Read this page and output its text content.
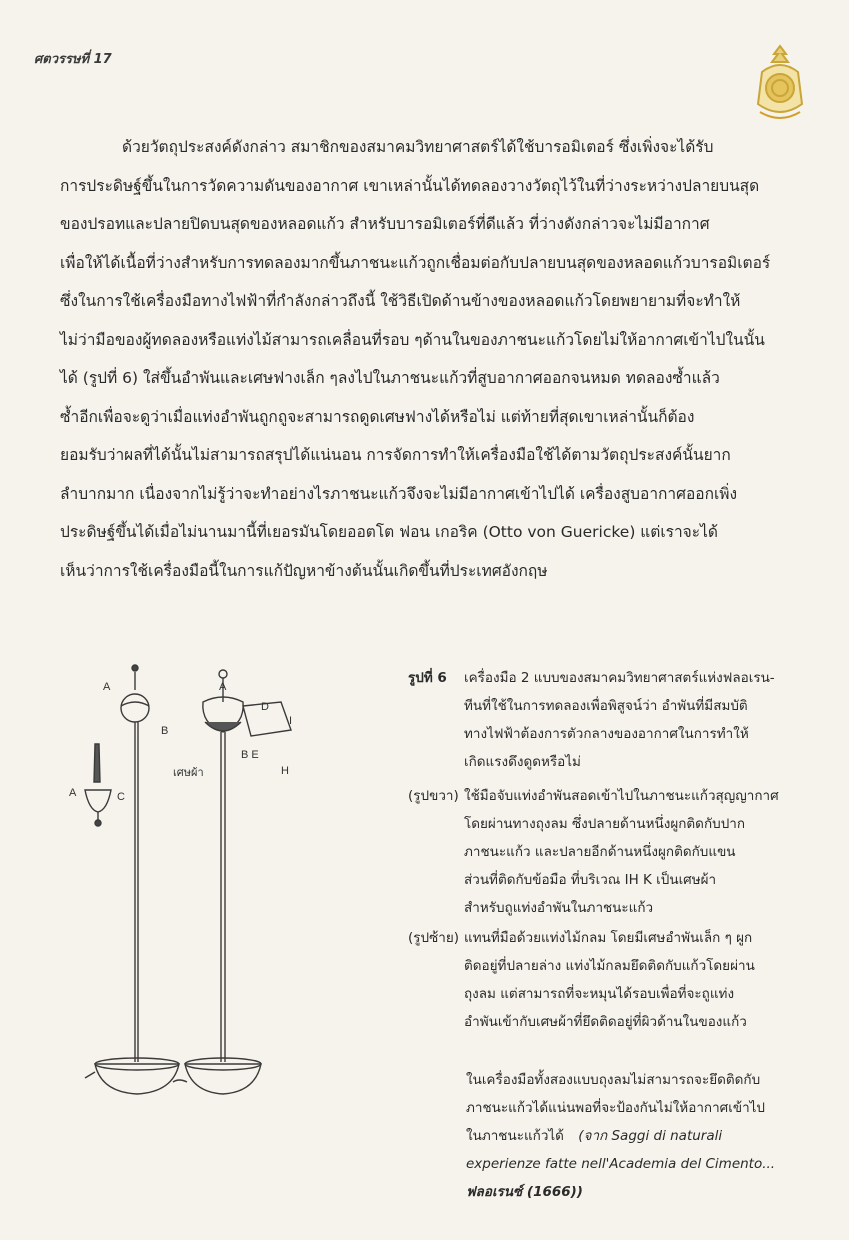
ศตวรรษที่ 17
ด้วยวัตถุประสงค์ดังกล่าว สมาชิกของสมาคมวิทยาศาสตร์ได้ใช้บารอมิเตอร์ ซึ่งเพิ่งจะได้รับ
การประดิษฐ์ขึ้นในการวัดความดันของอากาศ เขาเหล่านั้นได้ทดลองวางวัตถุไว้ในที่ว่างระหว่างปลายบนสุด
ของปรอทและปลายปิดบนสุดของหลอดแก้ว สำหรับบารอมิเตอร์ที่ดีแล้ว ที่ว่างดังกล่าวจะไม่มีอากาศ
เพื่อให้ได้เนื้อที่ว่างสำหรับการทดลองมากขึ้นภาชนะแก้วถูกเชื่อมต่อกับปลายบนสุดของหลอดแก้วบารอมิเตอร์
ซึ่งในการใช้เครื่องมือทางไฟฟ้าที่กำลังกล่าวถึงนี้ ใช้วิธีเปิดด้านข้างของหลอดแก้วโดยพยายามที่จะทำให้
ไม่ว่ามือของผู้ทดลองหรือแท่งไม้สามารถเคลื่อนที่รอบ ๆด้านในของภาชนะแก้วโดยไม่ให้อากาศเข้าไปในนั้น
ได้ (รูปที่ 6) ใส่ขึ้นอำพันและเศษฟางเล็ก ๆลงไปในภาชนะแก้วที่สูบอากาศออกจนหมด ทดลองซ้ำแล้ว
ซ้ำอีกเพื่อจะดูว่าเมื่อแท่งอำพันถูกถูจะสามารถดูดเศษฟางได้หรือไม่ แต่ท้ายที่สุดเขาเหล่านั้นก็ต้อง
ยอมรับว่าผลที่ได้นั้นไม่สามารถสรุปได้แน่นอน การจัดการทำให้เครื่องมือใช้ได้ตามวัตถุประสงค์นั้นยาก
ลำบากมาก เนื่องจากไม่รู้ว่าจะทำอย่างไรภาชนะแก้วจึงจะไม่มีอากาศเข้าไปได้ เครื่องสูบอากาศออกเพิ่ง
ประดิษฐ์ขึ้นได้เมื่อไม่นานมานี้ที่เยอรมันโดยออตโต ฟอน เกอริค (Otto von Guericke) แต่เราจะได้
เห็นว่าการใช้เครื่องมือนี้ในการแก้ปัญหาข้างต้นนั้นเกิดขึ้นที่ประเทศอังกฤษ
A
B
A	C
A
D
I
B E
H
เศษผ้า
รูปที่ 6	เครื่องมือ 2 แบบของสมาคมวิทยาศาสตร์แห่งฟลอเรน-
ทีนที่ใช้ในการทดลองเพื่อพิสูจน์ว่า อำพันที่มีสมบัติ
ทางไฟฟ้าต้องการตัวกลางของอากาศในการทำให้
เกิดแรงดึงดูดหรือไม่
(รูปขวา) ใช้มือจับแท่งอำพันสอดเข้าไปในภาชนะแก้วสุญญากาศ
โดยผ่านทางถุงลม ซึ่งปลายด้านหนึ่งผูกติดกับปาก
ภาชนะแก้ว และปลายอีกด้านหนึ่งผูกติดกับแขน
ส่วนที่ติดกับข้อมือ ที่บริเวณ IH K เป็นเศษผ้า
สำหรับถูแท่งอำพันในภาชนะแก้ว
(รูปซ้าย) แทนที่มือด้วยแท่งไม้กลม โดยมีเศษอำพันเล็ก ๆ ผูก
ติดอยู่ที่ปลายล่าง แท่งไม้กลมยึดติดกับแก้วโดยผ่าน
ถุงลม แต่สามารถที่จะหมุนได้รอบเพื่อที่จะถูแท่ง
อำพันเข้ากับเศษผ้าที่ยึดติดอยู่ที่ผิวด้านในของแก้ว
ในเครื่องมือทั้งสองแบบถุงลมไม่สามารถจะยึดติดกับ
ภาชนะแก้วได้แน่นพอที่จะป้องกันไม่ให้อากาศเข้าไป
ในภาชนะแก้วได้ (จาก Saggi di naturali
experienze fatte nell'Academia del Cimento...
ฟลอเรนซ์ (1666))
